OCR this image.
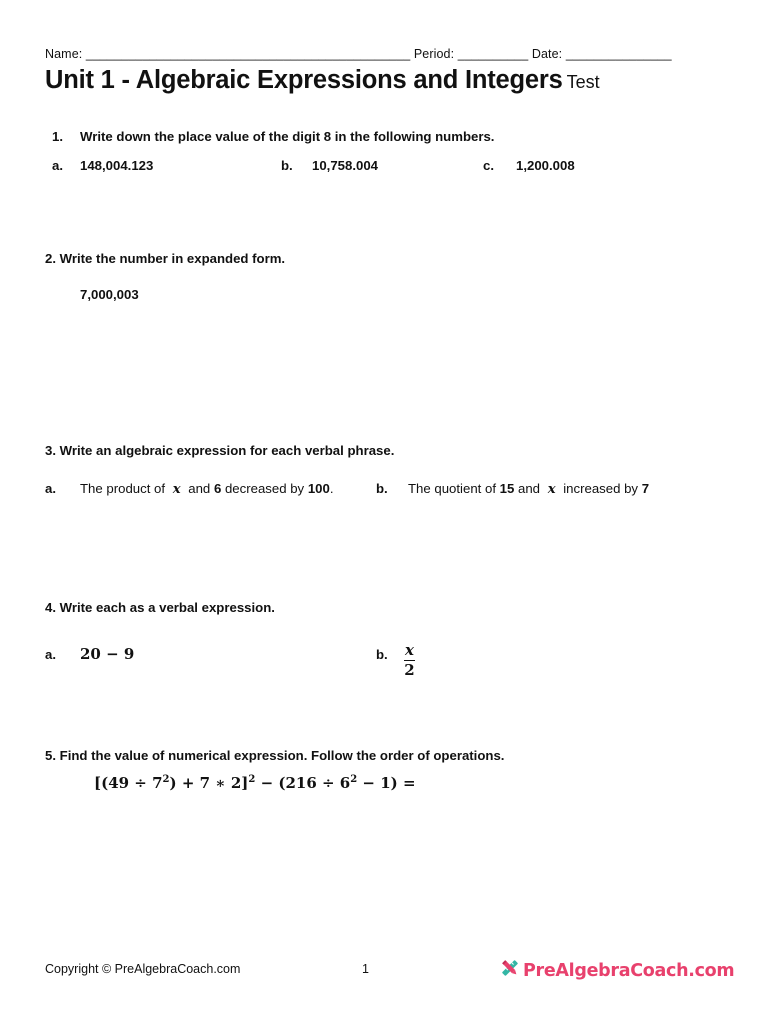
Name: ______________________________________________ Period: __________ Date: _______________
Unit 1 - Algebraic Expressions and Integers Test
1. Write down the place value of the digit 8 in the following numbers.
a. 148,004.123	b. 10,758.004	c. 1,200.008
2. Write the number in expanded form.
7,000,003
3. Write an algebraic expression for each verbal phrase.
a. The product of x and 6 decreased by 100.	b. The quotient of 15 and x increased by 7
4. Write each as a verbal expression.
a. 20 − 9	b. $\frac{x}{2}$
5. Find the value of numerical expression. Follow the order of operations.
[$(49 \div 7^2) + 7$ ∗ $2]^2 - (216 \div 6^2 - 1)$ =
Copyright © PreAlgebraCoach.com	1	PreAlgebraCoach.com
